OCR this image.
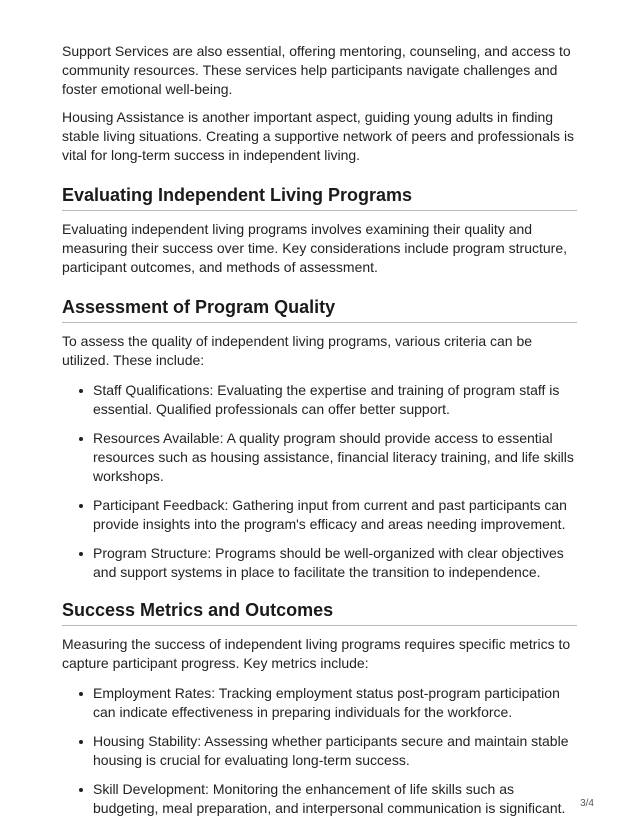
Support Services are also essential, offering mentoring, counseling, and access to community resources. These services help participants navigate challenges and foster emotional well-being.

Housing Assistance is another important aspect, guiding young adults in finding stable living situations. Creating a supportive network of peers and professionals is vital for long-term success in independent living.

Evaluating Independent Living Programs

Evaluating independent living programs involves examining their quality and measuring their success over time. Key considerations include program structure, participant outcomes, and methods of assessment.

Assessment of Program Quality

To assess the quality of independent living programs, various criteria can be utilized. These include:

Staff Qualifications: Evaluating the expertise and training of program staff is essential. Qualified professionals can offer better support.
Resources Available: A quality program should provide access to essential resources such as housing assistance, financial literacy training, and life skills workshops.
Participant Feedback: Gathering input from current and past participants can provide insights into the program's efficacy and areas needing improvement.
Program Structure: Programs should be well-organized with clear objectives and support systems in place to facilitate the transition to independence.
Success Metrics and Outcomes

Measuring the success of independent living programs requires specific metrics to capture participant progress. Key metrics include:

Employment Rates: Tracking employment status post-program participation can indicate effectiveness in preparing individuals for the workforce.
Housing Stability: Assessing whether participants secure and maintain stable housing is crucial for evaluating long-term success.
Skill Development: Monitoring the enhancement of life skills such as budgeting, meal preparation, and interpersonal communication is significant.	3/4
